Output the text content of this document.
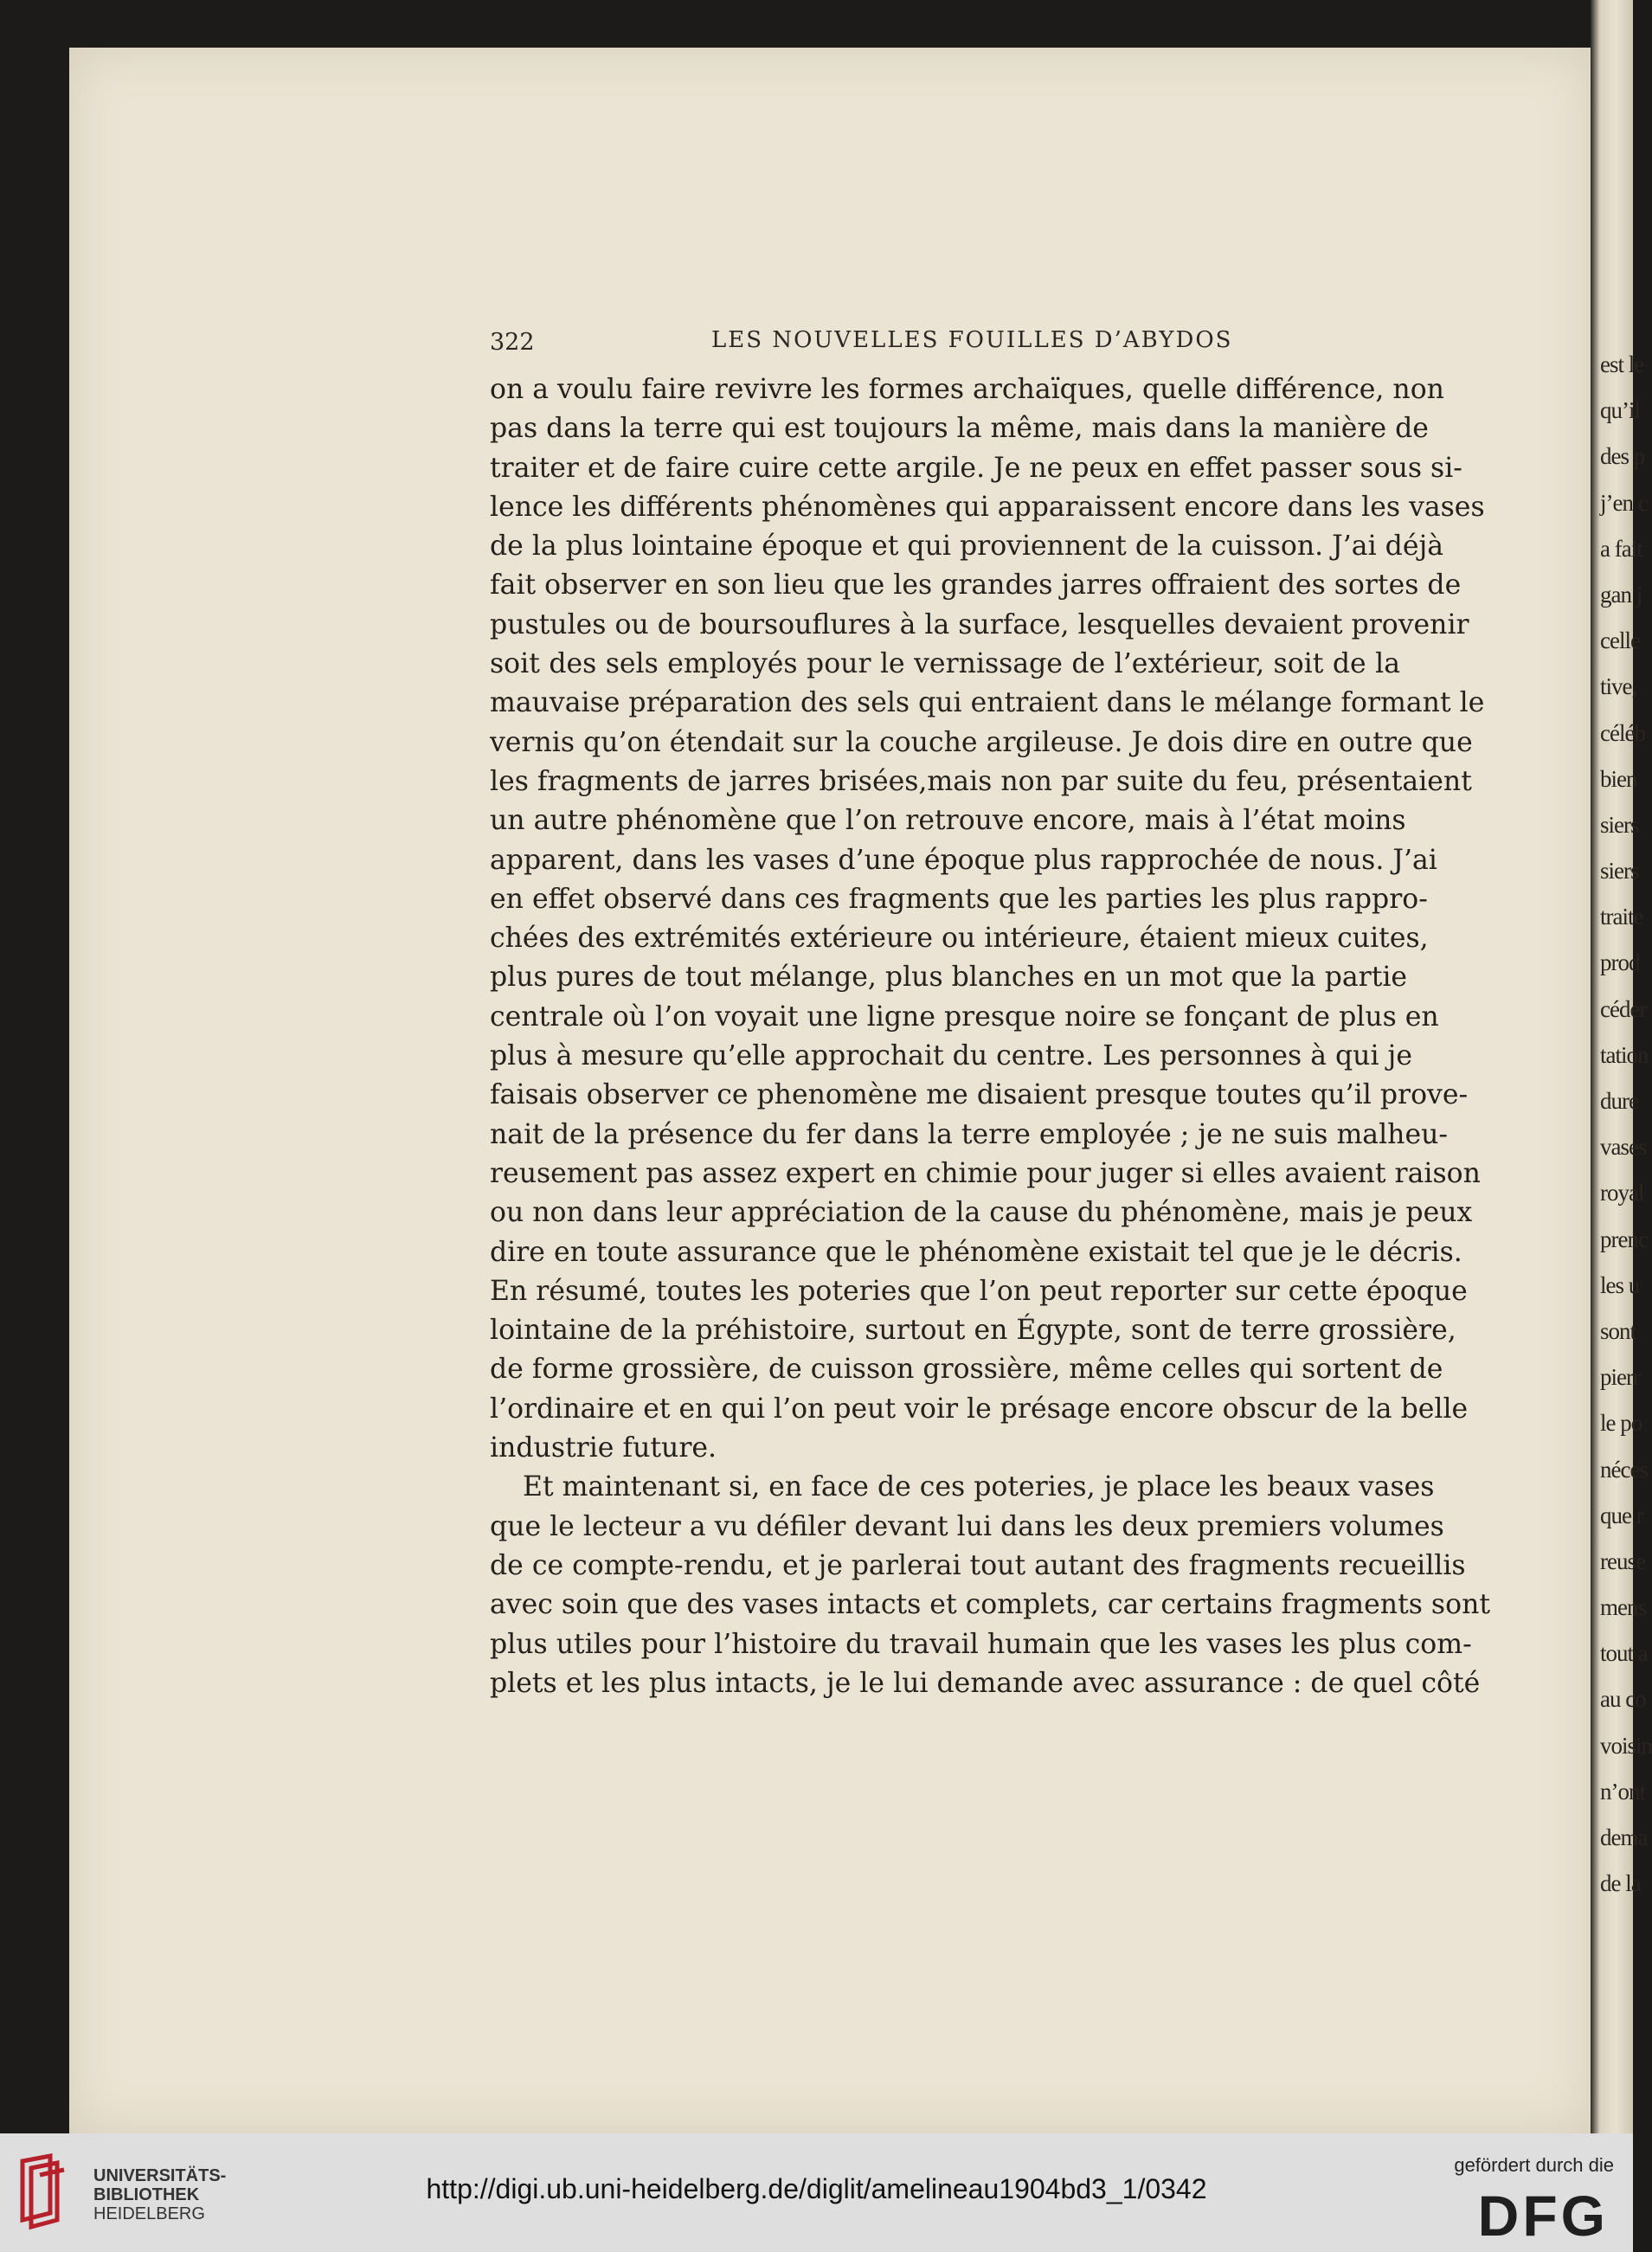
est le
qu’il
des p
j’en c
a fait
gan j
celle
tive,
céléb
bien
siers
siers
traite
prod
céder
tation
dure
vases
royal
prenc
les u
sont
pierr
le po
néces
que r
reuse
mens
tout a
au co
voisin
n’ont
dema
de la
322	LES NOUVELLES FOUILLES D’ABYDOS
on a voulu faire revivre les formes archaïques, quelle différence, non
pas dans la terre qui est toujours la même, mais dans la manière de
traiter et de faire cuire cette argile. Je ne peux en effet passer sous si-
lence les différents phénomènes qui apparaissent encore dans les vases
de la plus lointaine époque et qui proviennent de la cuisson. J’ai déjà
fait observer en son lieu que les grandes jarres offraient des sortes de
pustules ou de boursouflures à la surface, lesquelles devaient provenir
soit des sels employés pour le vernissage de l’extérieur, soit de la
mauvaise préparation des sels qui entraient dans le mélange formant le
vernis qu’on étendait sur la couche argileuse. Je dois dire en outre que
les fragments de jarres brisées,mais non par suite du feu, présentaient
un autre phénomène que l’on retrouve encore, mais à l’état moins
apparent, dans les vases d’une époque plus rapprochée de nous. J’ai
en effet observé dans ces fragments que les parties les plus rappro-
chées des extrémités extérieure ou intérieure, étaient mieux cuites,
plus pures de tout mélange, plus blanches en un mot que la partie
centrale où l’on voyait une ligne presque noire se fonçant de plus en
plus à mesure qu’elle approchait du centre. Les personnes à qui je
faisais observer ce phenomène me disaient presque toutes qu’il prove-
nait de la présence du fer dans la terre employée ; je ne suis malheu-
reusement pas assez expert en chimie pour juger si elles avaient raison
ou non dans leur appréciation de la cause du phénomène, mais je peux
dire en toute assurance que le phénomène existait tel que je le décris.
En résumé, toutes les poteries que l’on peut reporter sur cette époque
lointaine de la préhistoire, surtout en Égypte, sont de terre grossière,
de forme grossière, de cuisson grossière, même celles qui sortent de
l’ordinaire et en qui l’on peut voir le présage encore obscur de la belle
industrie future.
Et maintenant si, en face de ces poteries, je place les beaux vases
que le lecteur a vu défiler devant lui dans les deux premiers volumes
de ce compte-rendu, et je parlerai tout autant des fragments recueillis
avec soin que des vases intacts et complets, car certains fragments sont
plus utiles pour l’histoire du travail humain que les vases les plus com-
plets et les plus intacts, je le lui demande avec assurance : de quel côté
UNIVERSITÄTS-
BIBLIOTHEK
HEIDELBERG
http://digi.ub.uni-heidelberg.de/diglit/amelineau1904bd3_1/0342
gefördert durch die
DFG
